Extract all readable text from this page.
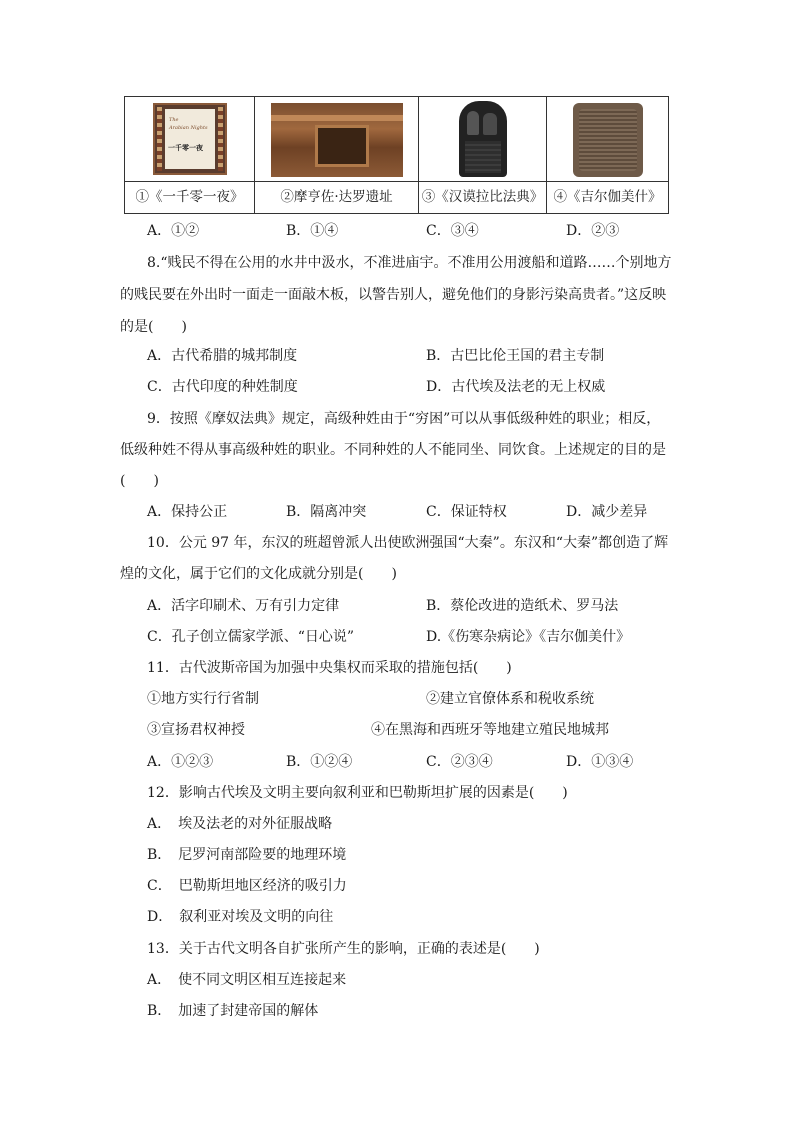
The
Arabian Nights
一千零一夜
①《一千零一夜》	②摩亨佐·达罗遗址	③《汉谟拉比法典》 ④《吉尔伽美什》
A．①②	B．①④	C．③④	D．②③
8.“贱民不得在公用的水井中汲水，不准进庙宇。不准用公用渡船和道路……个别地方
的贱民要在外出时一面走一面敲木板，以警告别人，避免他们的身影污染高贵者。”这反映
的是(　　)
A．古代希腊的城邦制度	B．古巴比伦王国的君主专制
C．古代印度的种姓制度	D．古代埃及法老的无上权威
9．按照《摩奴法典》规定，高级种姓由于“穷困”可以从事低级种姓的职业；相反，
低级种姓不得从事高级种姓的职业。不同种姓的人不能同坐、同饮食。上述规定的目的是
(　　)
A．保持公正	B．隔离冲突	C．保证特权	D．减少差异
10．公元 97 年，东汉的班超曾派人出使欧洲强国“大秦”。东汉和“大秦”都创造了辉
煌的文化，属于它们的文化成就分别是(　　)
A．活字印刷术、万有引力定律	B．蔡伦改进的造纸术、罗马法
C．孔子创立儒家学派、“日心说”	D.《伤寒杂病论》《吉尔伽美什》
11．古代波斯帝国为加强中央集权而采取的措施包括(　　)
①地方实行行省制	②建立官僚体系和税收系统
③宣扬君权神授	④在黑海和西班牙等地建立殖民地城邦
A．①②③	B．①②④	C．②③④	D．①③④
12．影响古代埃及文明主要向叙利亚和巴勒斯坦扩展的因素是(　　)
A．　埃及法老的对外征服战略
B．　尼罗河南部险要的地理环境
C．　巴勒斯坦地区经济的吸引力
D．　叙利亚对埃及文明的向往
13．关于古代文明各自扩张所产生的影响，正确的表述是(　　)
A．　使不同文明区相互连接起来
B．　加速了封建帝国的解体
